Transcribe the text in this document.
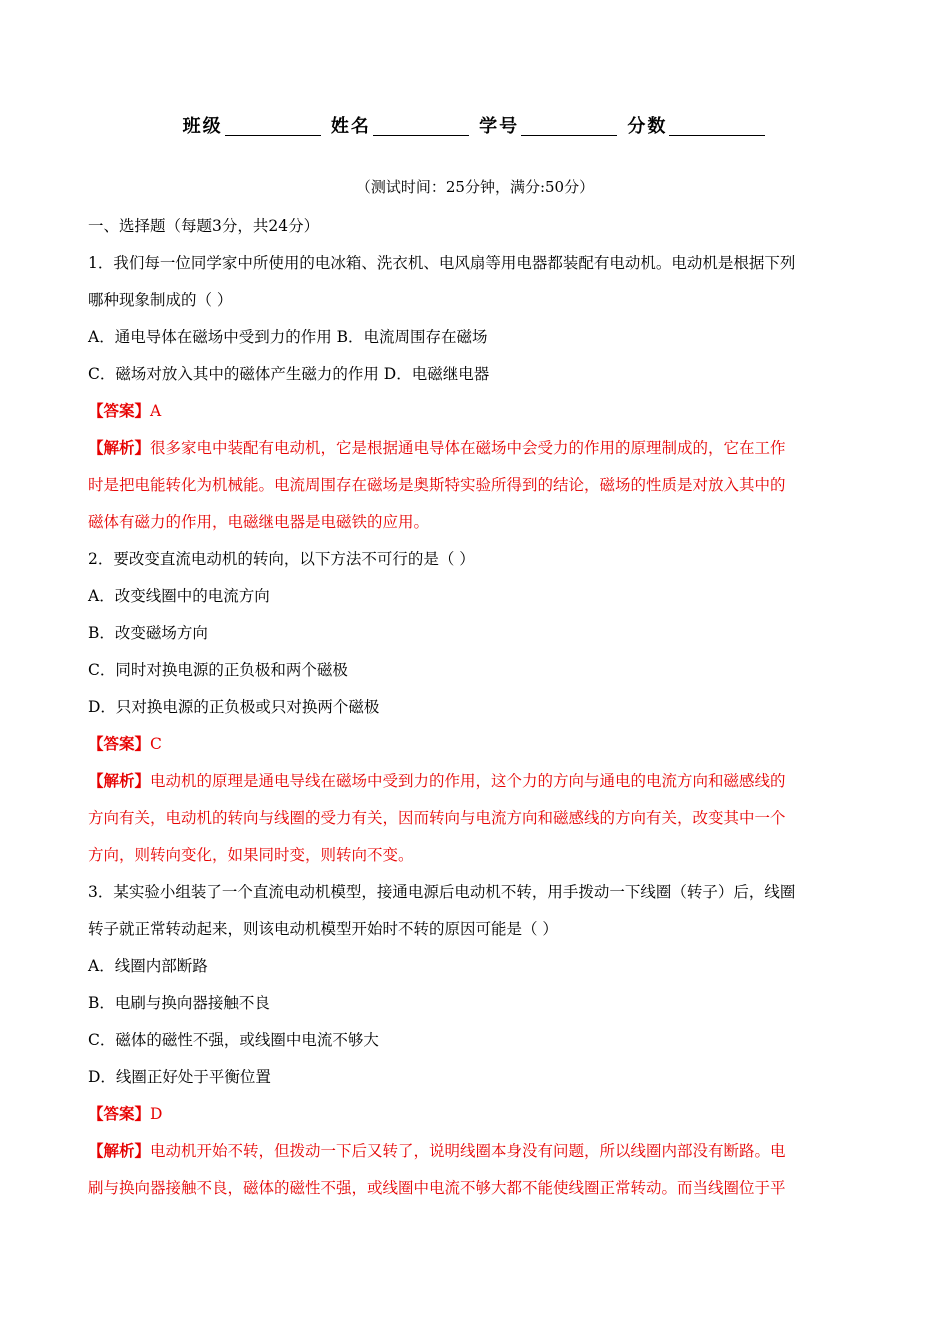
班级	姓名	学号	分数
（测试时间：25分钟，满分:50分）
一、选择题（每题3分，共24分）
1．我们每一位同学家中所使用的电冰箱、洗衣机、电风扇等用电器都装配有电动机。电动机是根据下列
哪种现象制成的（ ）
A．通电导体在磁场中受到力的作用 B．电流周围存在磁场
C．磁场对放入其中的磁体产生磁力的作用 D．电磁继电器
【答案】A
【解析】很多家电中装配有电动机，它是根据通电导体在磁场中会受力的作用的原理制成的，它在工作
时是把电能转化为机械能。电流周围存在磁场是奥斯特实验所得到的结论，磁场的性质是对放入其中的
磁体有磁力的作用，电磁继电器是电磁铁的应用。
2．要改变直流电动机的转向，以下方法不可行的是（ ）
A．改变线圈中的电流方向
B．改变磁场方向
C．同时对换电源的正负极和两个磁极
D．只对换电源的正负极或只对换两个磁极
【答案】C
【解析】电动机的原理是通电导线在磁场中受到力的作用，这个力的方向与通电的电流方向和磁感线的
方向有关，电动机的转向与线圈的受力有关，因而转向与电流方向和磁感线的方向有关，改变其中一个
方向，则转向变化，如果同时变，则转向不变。
3．某实验小组装了一个直流电动机模型，接通电源后电动机不转，用手拨动一下线圈（转子）后，线圈
转子就正常转动起来，则该电动机模型开始时不转的原因可能是（ ）
A．线圈内部断路
B．电刷与换向器接触不良
C．磁体的磁性不强，或线圈中电流不够大
D．线圈正好处于平衡位置
【答案】D
【解析】电动机开始不转，但拨动一下后又转了，说明线圈本身没有问题，所以线圈内部没有断路。电
刷与换向器接触不良，磁体的磁性不强，或线圈中电流不够大都不能使线圈正常转动。而当线圈位于平
